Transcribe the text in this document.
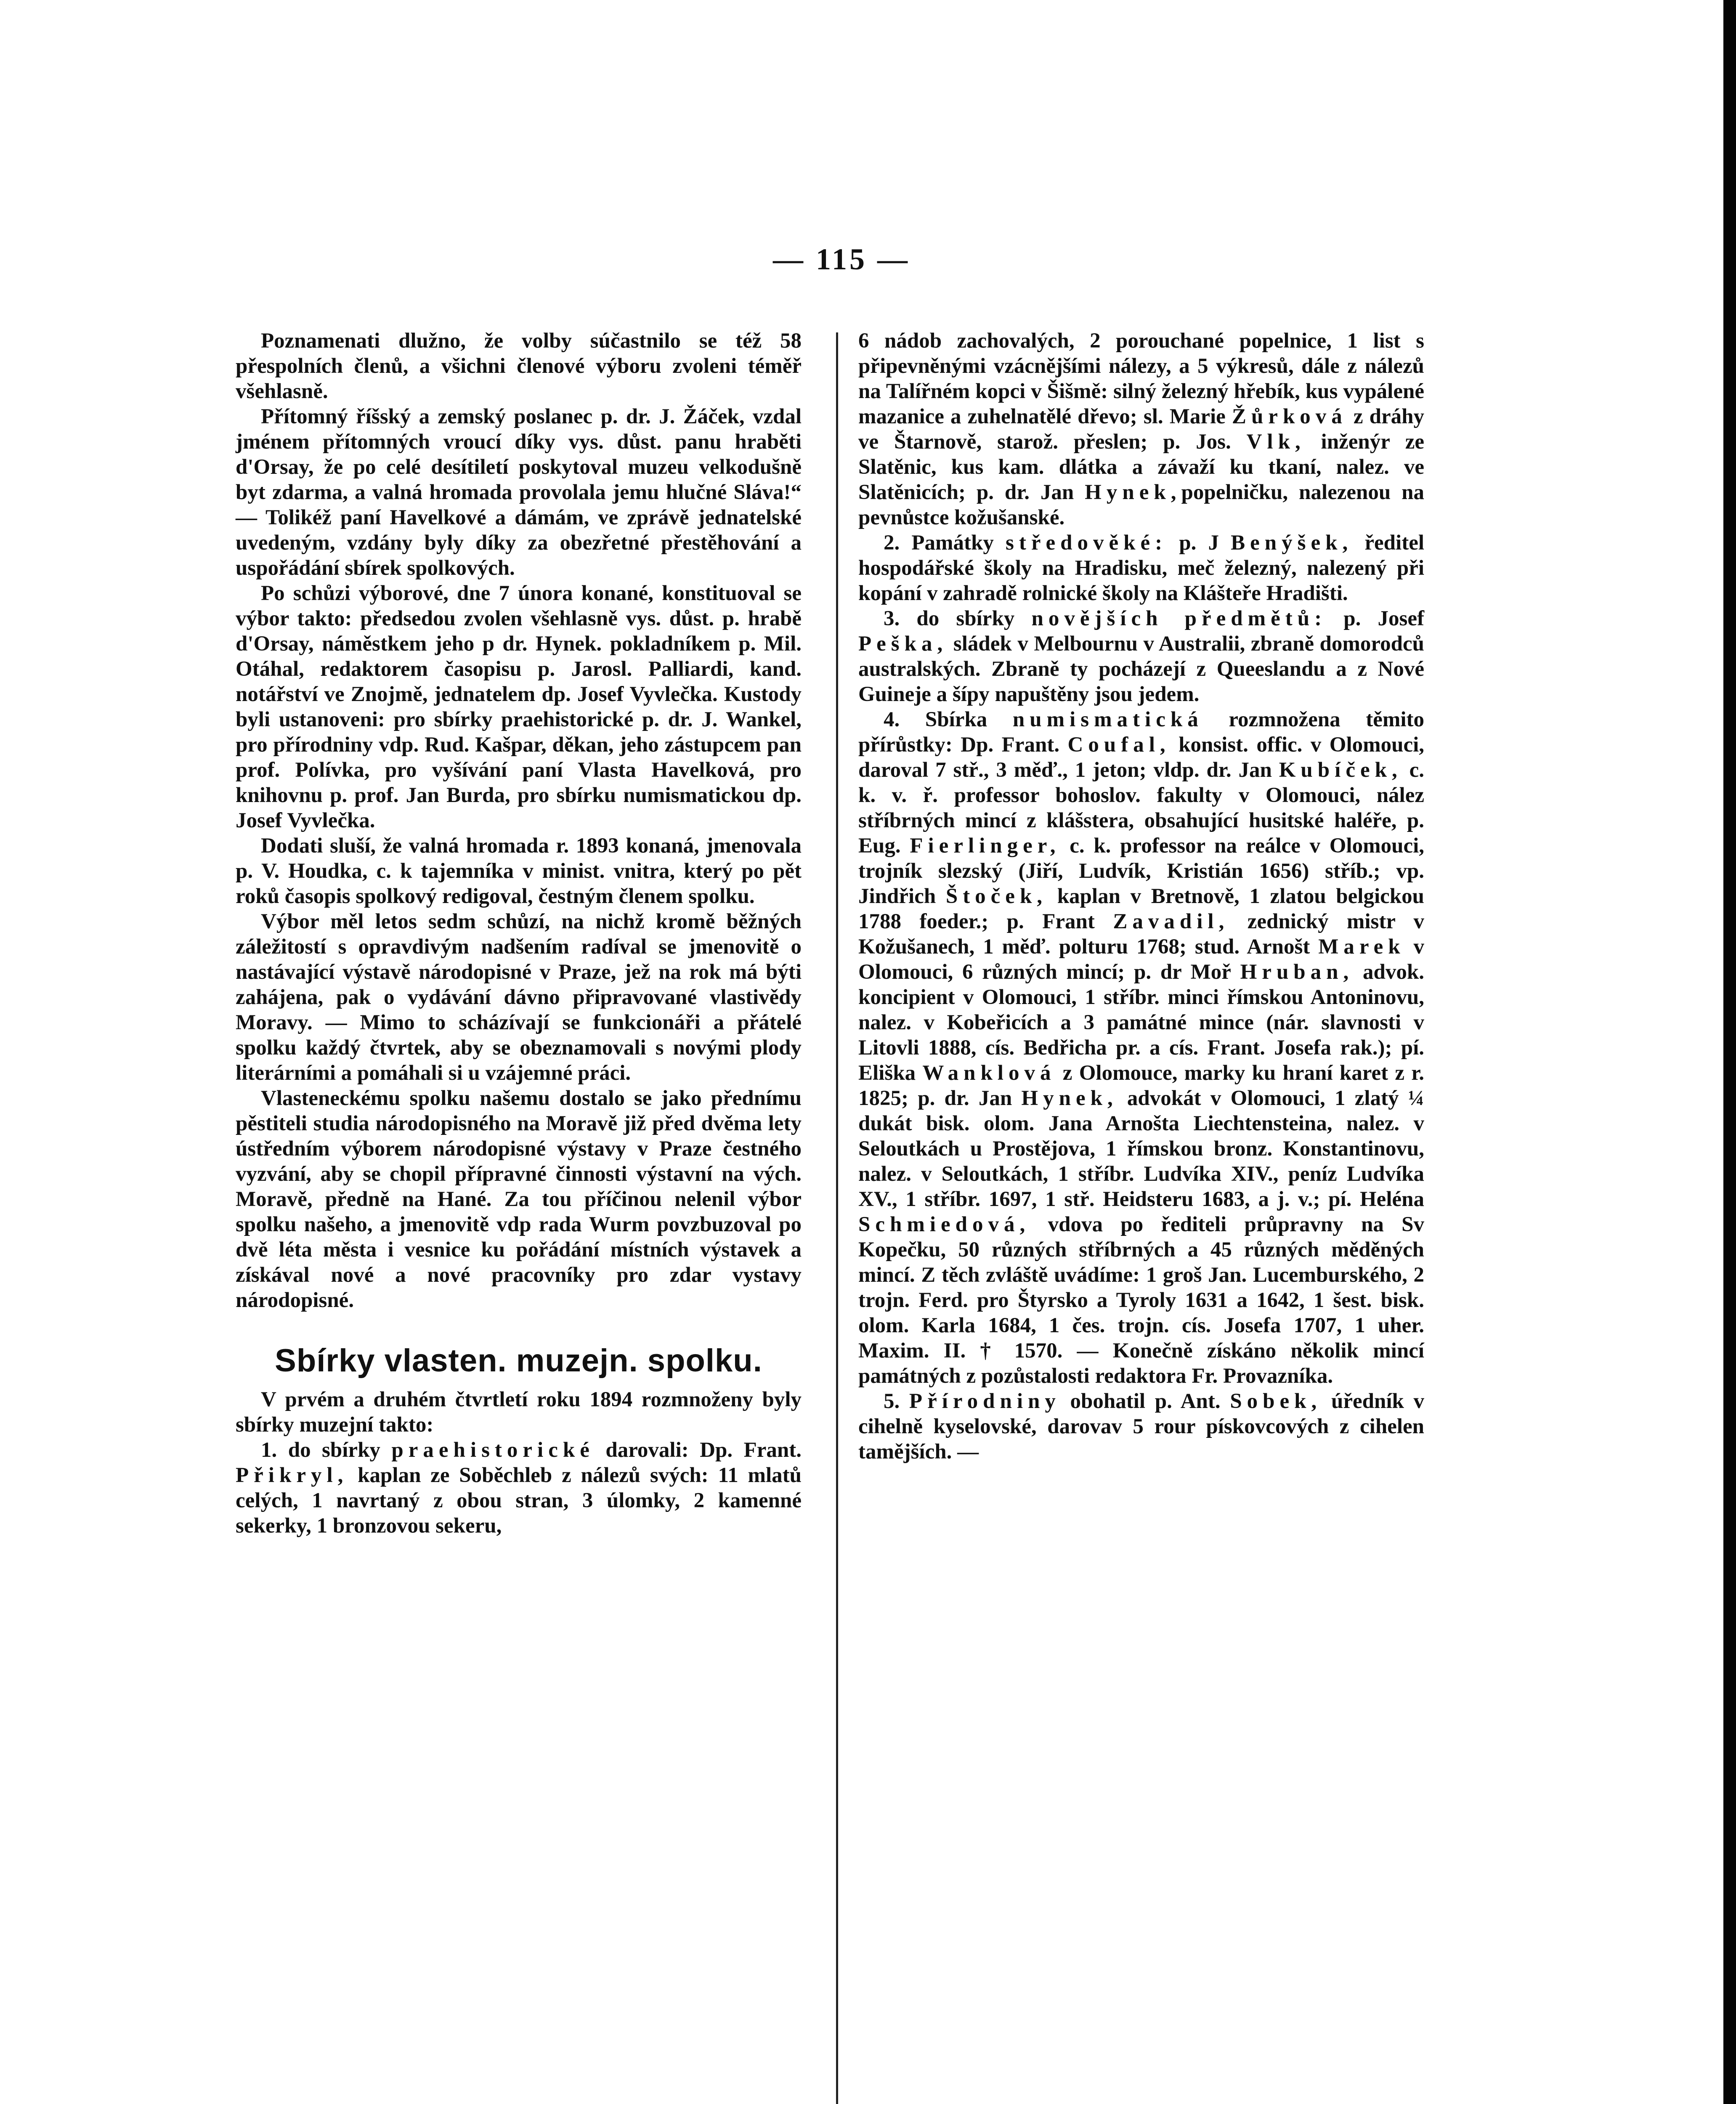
— 115 —

Poznamenati dlužno, že volby súčastnilo se též 58 přespolních členů, a všichni členové výboru zvoleni téměř všehlasně.

Přítomný říšský a zemský poslanec p. dr. J. Žáček, vzdal jménem přítomných vroucí díky vys. důst. panu hraběti d'Orsay, že po celé desítiletí poskytoval muzeu velkodušně byt zdarma, a valná hromada provolala jemu hlučné Sláva!“ — Tolikéž paní Havelkové a dámám, ve zprávě jednatelské uvedeným, vzdány byly díky za obezřetné přestěhování a uspořádání sbírek spolkových.

Po schůzi výborové, dne 7 února konané, konstituoval se výbor takto: předsedou zvolen všehlasně vys. důst. p. hrabě d'Orsay, náměstkem jeho p dr. Hynek. pokladníkem p. Mil. Otáhal, redaktorem časopisu p. Jarosl. Palliardi, kand. notářství ve Znojmě, jednatelem dp. Josef Vyvlečka. Kustody byli ustanoveni: pro sbírky praehistorické p. dr. J. Wankel, pro přírodniny vdp. Rud. Kašpar, děkan, jeho zástupcem pan prof. Polívka, pro vyšívání paní Vlasta Havelková, pro knihovnu p. prof. Jan Burda, pro sbírku numismatickou dp. Josef Vyvlečka.

Dodati sluší, že valná hromada r. 1893 konaná, jmenovala p. V. Houdka, c. k tajemníka v minist. vnitra, který po pět roků časopis spolkový redigoval, čestným členem spolku.

Výbor měl letos sedm schůzí, na nichž kromě běžných záležitostí s opravdivým nadšením radíval se jmenovitě o nastávající výstavě národopisné v Praze, jež na rok má býti zahájena, pak o vydávání dávno připravované vlastivědy Moravy. — Mimo to scházívají se funkcionáři a přátelé spolku každý čtvrtek, aby se obeznamovali s novými plody literárními a pomáhali si u vzájemné práci.

Vlasteneckému spolku našemu dostalo se jako přednímu pěstiteli studia národopisného na Moravě již před dvěma lety ústředním výborem národopisné výstavy v Praze čestného vyzvání, aby se chopil přípravné činnosti výstavní na vých. Moravě, předně na Hané. Za tou příčinou nelenil výbor spolku našeho, a jmenovitě vdp rada Wurm povzbuzoval po dvě léta města i vesnice ku pořádání místních výstavek a získával nové a nové pracovníky pro zdar vystavy národopisné.

Sbírky vlasten. muzejn. spolku.

V prvém a druhém čtvrtletí roku 1894 rozmnoženy byly sbírky muzejní takto:

1. do sbírky praehistorické darovali: Dp. Frant. Přikryl, kaplan ze Soběchleb z nálezů svých: 11 mlatů celých, 1 navrtaný z obou stran, 3 úlomky, 2 kamenné sekerky, 1 bronzovou sekeru,

6 nádob zachovalých, 2 porouchané popelnice, 1 list s připevněnými vzácnějšími nálezy, a 5 výkresů, dále z nálezů na Talířném kopci v Šišmě: silný železný hřebík, kus vypálené mazanice a zuhelnatělé dřevo; sl. Marie Žůrková z dráhy ve Štarnově, starož. přeslen; p. Jos. Vlk, inženýr ze Slatěnic, kus kam. dlátka a závaží ku tkaní, nalez. ve Slatěnicích; p. dr. Jan Hynek,popelničku, nalezenou na pevnůstce kožušanské.

2. Památky středověké: p. J Benýšek, ředitel hospodářské školy na Hradisku, meč železný, nalezený při kopání v zahradě rolnické školy na Klášteře Hradišti.

3. do sbírky novějších předmětů: p. Josef Peška, sládek v Melbournu v Australii, zbraně domorodců australských. Zbraně ty pocházejí z Queeslandu a z Nové Guineje a šípy napuštěny jsou jedem.

4. Sbírka numismatická rozmnožena těmito přírůstky: Dp. Frant. Coufal, konsist. offic. v Olomouci, daroval 7 stř., 3 měď., 1 jeton; vldp. dr. Jan Kubíček, c. k. v. ř. professor bohoslov. fakulty v Olomouci, nález stříbrných mincí z klášstera, obsahující husitské haléře, p. Eug. Fierlinger, c. k. professor na reálce v Olomouci, trojník slezský (Jiří, Ludvík, Kristián 1656) stříb.; vp. Jindřich Štoček, kaplan v Bretnově, 1 zlatou belgickou 1788 foeder.; p. Frant Zavadil, zednický mistr v Kožušanech, 1 měď. polturu 1768; stud. Arnošt Marek v Olomouci, 6 různých mincí; p. dr Moř Hruban, advok. koncipient v Olomouci, 1 stříbr. minci římskou Antoninovu, nalez. v Kobeřicích a 3 památné mince (nár. slavnosti v Litovli 1888, cís. Bedřicha pr. a cís. Frant. Josefa rak.); pí. Eliška Wanklová z Olomouce, marky ku hraní karet z r. 1825; p. dr. Jan Hynek, advokát v Olomouci, 1 zlatý ¼ dukát bisk. olom. Jana Arnošta Liechtensteina, nalez. v Seloutkách u Prostějova, 1 římskou bronz. Konstantinovu, nalez. v Seloutkách, 1 stříbr. Ludvíka XIV., peníz Ludvíka XV., 1 stříbr. 1697, 1 stř. Heidsteru 1683, a j. v.; pí. Heléna Schmiedová, vdova po řediteli průpravny na Sv Kopečku, 50 různých stříbrných a 45 různých měděných mincí. Z těch zvláště uvádíme: 1 groš Jan. Lucemburského, 2 trojn. Ferd. pro Štyrsko a Tyroly 1631 a 1642, 1 šest. bisk. olom. Karla 1684, 1 čes. trojn. cís. Josefa 1707, 1 uher. Maxim. II. † 1570. — Konečně získáno několik mincí památných z pozůstalosti redaktora Fr. Provazníka.

5. Přírodniny obohatil p. Ant. Sobek, úředník v cihelně kyselovské, darovav 5 rour pískovcových z cihelen tamějších. —
